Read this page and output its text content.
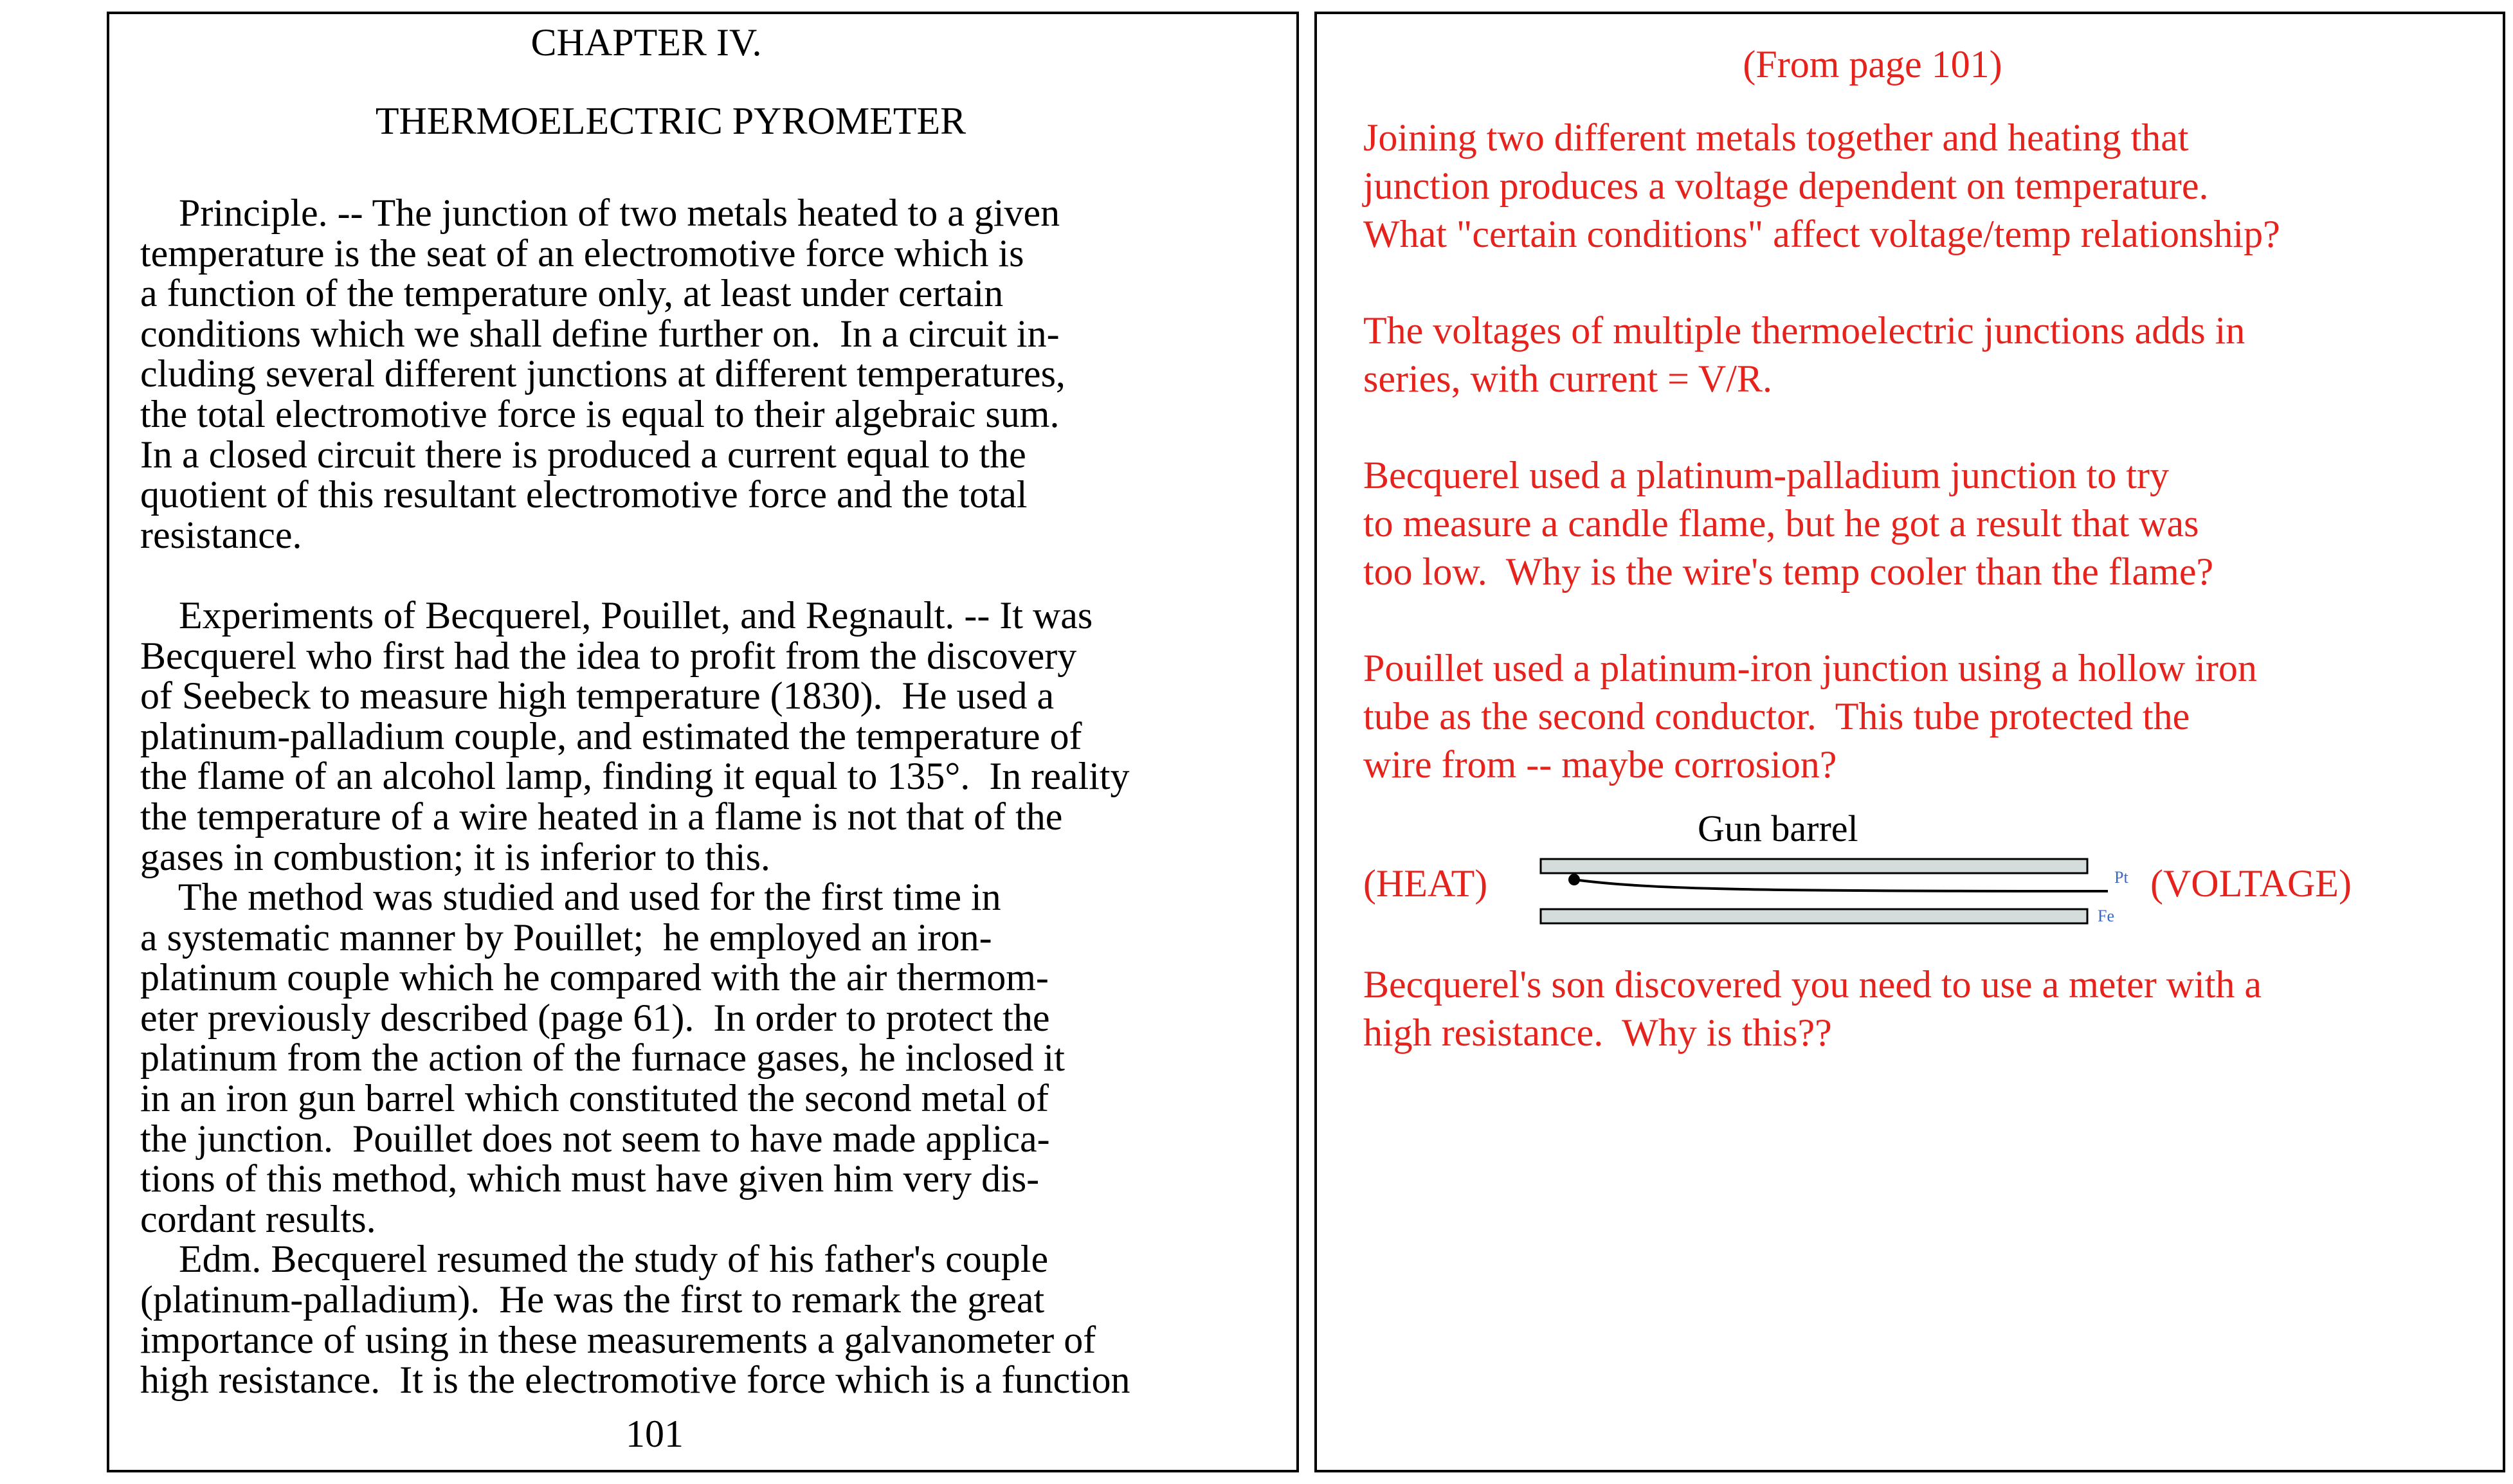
CHAPTER IV.
THERMOELECTRIC PYROMETER
Principle. -- The junction of two metals heated to a given
temperature is the seat of an electromotive force which is
a function of the temperature only, at least under certain
conditions which we shall define further on.  In a circuit in-
cluding several different junctions at different temperatures,
the total electromotive force is equal to their algebraic sum.
In a closed circuit there is produced a current equal to the
quotient of this resultant electromotive force and the total
resistance.
Experiments of Becquerel, Pouillet, and Regnault. -- It was
Becquerel who first had the idea to profit from the discovery
of Seebeck to measure high temperature (1830).  He used a
platinum-palladium couple, and estimated the temperature of
the flame of an alcohol lamp, finding it equal to 135°.  In reality
the temperature of a wire heated in a flame is not that of the
gases in combustion; it is inferior to this.
The method was studied and used for the first time in
a systematic manner by Pouillet;  he employed an iron-
platinum couple which he compared with the air thermom-
eter previously described (page 61).  In order to protect the
platinum from the action of the furnace gases, he inclosed it
in an iron gun barrel which constituted the second metal of
the junction.  Pouillet does not seem to have made applica-
tions of this method, which must have given him very dis-
cordant results.
Edm. Becquerel resumed the study of his father's couple
(platinum-palladium).  He was the first to remark the great
importance of using in these measurements a galvanometer of
high resistance.  It is the electromotive force which is a function
101
(From page 101)
Joining two different metals together and heating that
junction produces a voltage dependent on temperature.
What "certain conditions" affect voltage/temp relationship?
The voltages of multiple thermoelectric junctions adds in
series, with current = V/R.
Becquerel used a platinum-palladium junction to try
to measure a candle flame, but he got a result that was
too low.  Why is the wire's temp cooler than the flame?
Pouillet used a platinum-iron junction using a hollow iron
tube as the second conductor.  This tube protected the
wire from -- maybe corrosion?
Gun barrel
(HEAT)	(VOLTAGE)
Pt
Fe
Becquerel's son discovered you need to use a meter with a
high resistance.  Why is this??
